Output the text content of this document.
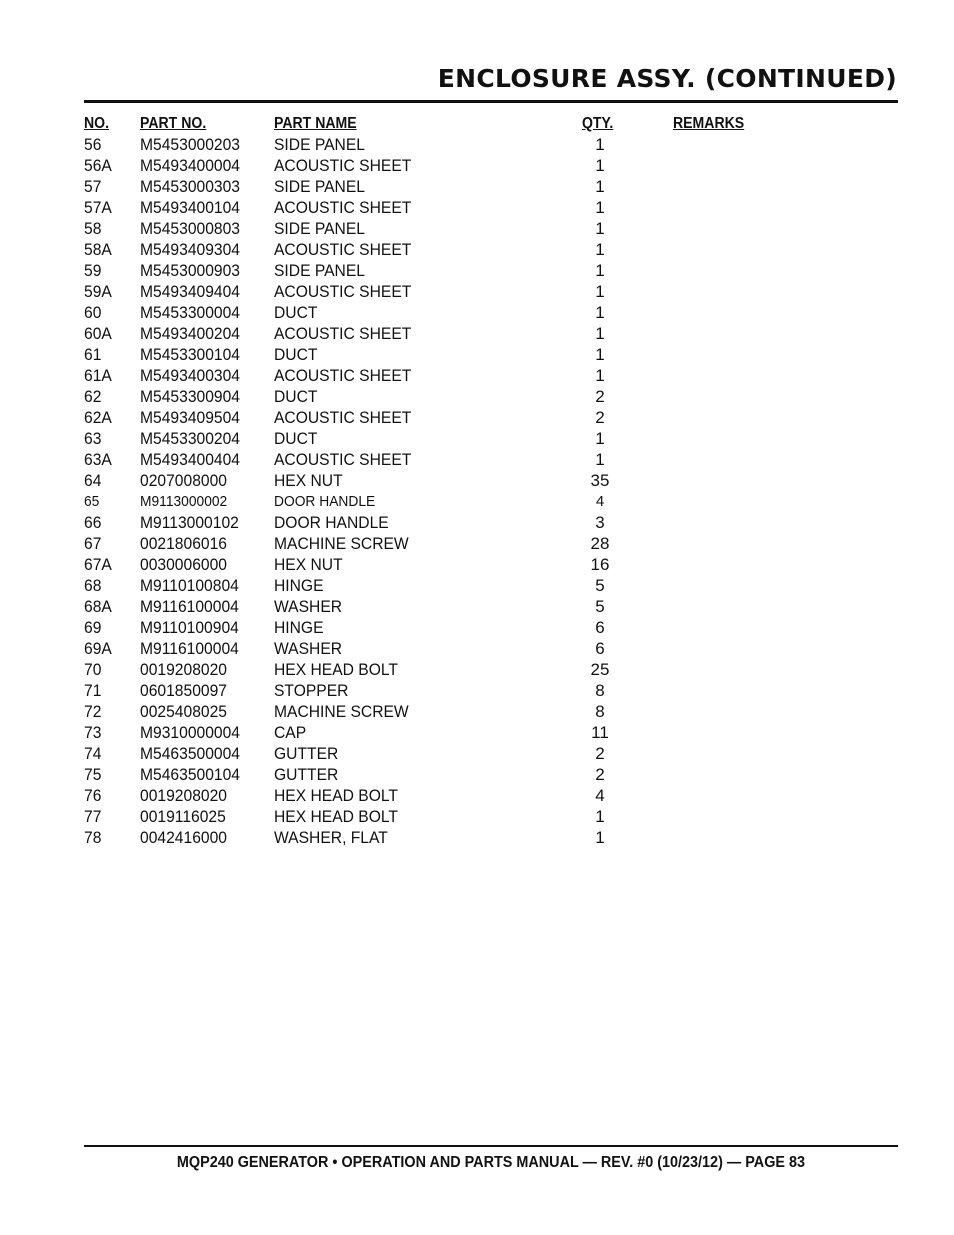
ENCLOSURE ASSY. (CONTINUED)
NO. PART NO.	PART NAME	QTY.	REMARKS
56 M5453000203 SIDE PANEL	1
56A M5493400004 ACOUSTIC SHEET	1
57 M5453000303 SIDE PANEL	1
57A M5493400104 ACOUSTIC SHEET	1
58 M5453000803 SIDE PANEL	1
58A M5493409304 ACOUSTIC SHEET	1
59 M5453000903 SIDE PANEL	1
59A M5493409404 ACOUSTIC SHEET	1
60 M5453300004 DUCT	1
60A M5493400204 ACOUSTIC SHEET	1
61 M5453300104 DUCT	1
61A M5493400304 ACOUSTIC SHEET	1
62 M5453300904 DUCT	2
62A M5493409504 ACOUSTIC SHEET	2
63 M5453300204 DUCT	1
63A M5493400404 ACOUSTIC SHEET	1
64 0207008000	HEX NUT	35
65	M9113000002	DOOR HANDLE	4
66 M9113000102 DOOR HANDLE	3
67 0021806016	MACHINE SCREW	28
67A 0030006000	HEX NUT	16
68 M9110100804 HINGE	5
68A M9116100004 WASHER	5
69 M9110100904 HINGE	6
69A M9116100004 WASHER	6
70 0019208020	HEX HEAD BOLT	25
71 0601850097	STOPPER	8
72 0025408025	MACHINE SCREW	8
73 M9310000004 CAP	11
74 M5463500004 GUTTER	2
75 M5463500104 GUTTER	2
76 0019208020	HEX HEAD BOLT	4
77 0019116025	HEX HEAD BOLT	1
78 0042416000	WASHER, FLAT	1
MQP240 GENERATOR • OPERATION AND PARTS MANUAL — REV. #0 (10/23/12) — PAGE 83
